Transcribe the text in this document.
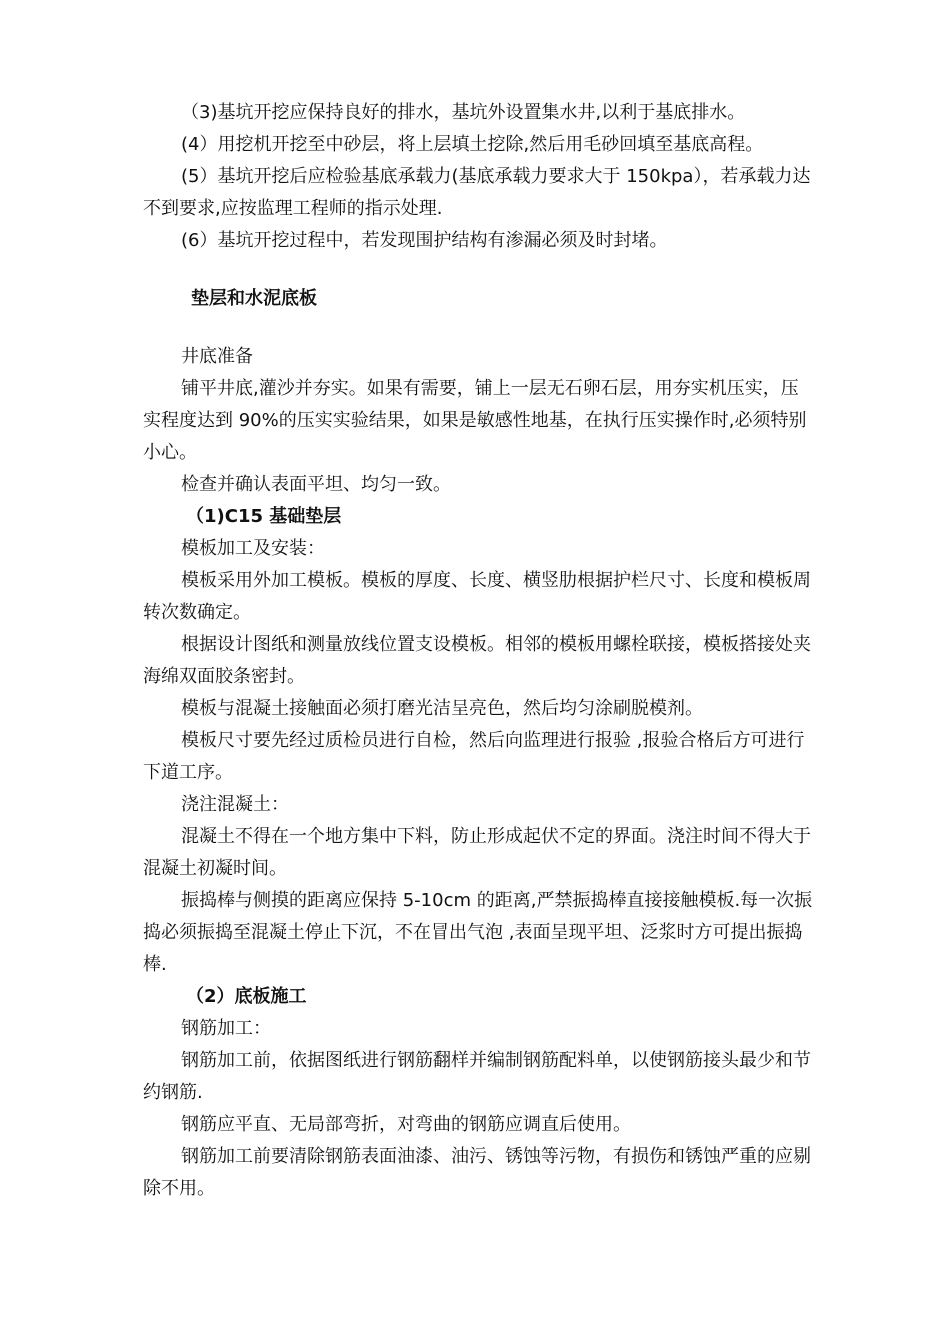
（3)基坑开挖应保持良好的排水，基坑外设置集水井,以利于基底排水。

(4）用挖机开挖至中砂层，将上层填土挖除,然后用毛砂回填至基底高程。

(5）基坑开挖后应检验基底承载力(基底承载力要求大于 150kpa），若承载力达不到要求,应按监理工程师的指示处理.

(6）基坑开挖过程中，若发现围护结构有渗漏必须及时封堵。

垫层和水泥底板

井底准备

铺平井底,灌沙并夯实。如果有需要，铺上一层无石卵石层，用夯实机压实，压实程度达到 90%的压实实验结果，如果是敏感性地基，在执行压实操作时,必须特别小心。

检查并确认表面平坦、均匀一致。

（1)C15 基础垫层

模板加工及安装：

模板采用外加工模板。模板的厚度、长度、横竖肋根据护栏尺寸、长度和模板周转次数确定。

根据设计图纸和测量放线位置支设模板。相邻的模板用螺栓联接，模板搭接处夹海绵双面胶条密封。

模板与混凝土接触面必须打磨光洁呈亮色，然后均匀涂刷脱模剂。

模板尺寸要先经过质检员进行自检，然后向监理进行报验 ,报验合格后方可进行下道工序。

浇注混凝土：

混凝土不得在一个地方集中下料，防止形成起伏不定的界面。浇注时间不得大于混凝土初凝时间。

振捣棒与侧摸的距离应保持 5-10cm 的距离,严禁振捣棒直接接触模板.每一次振捣必须振捣至混凝土停止下沉，不在冒出气泡 ,表面呈现平坦、泛浆时方可提出振捣棒.

（2）底板施工

钢筋加工：

钢筋加工前，依据图纸进行钢筋翻样并编制钢筋配料单，以使钢筋接头最少和节约钢筋.

钢筋应平直、无局部弯折，对弯曲的钢筋应调直后使用。

钢筋加工前要清除钢筋表面油漆、油污、锈蚀等污物，有损伤和锈蚀严重的应剔除不用。
